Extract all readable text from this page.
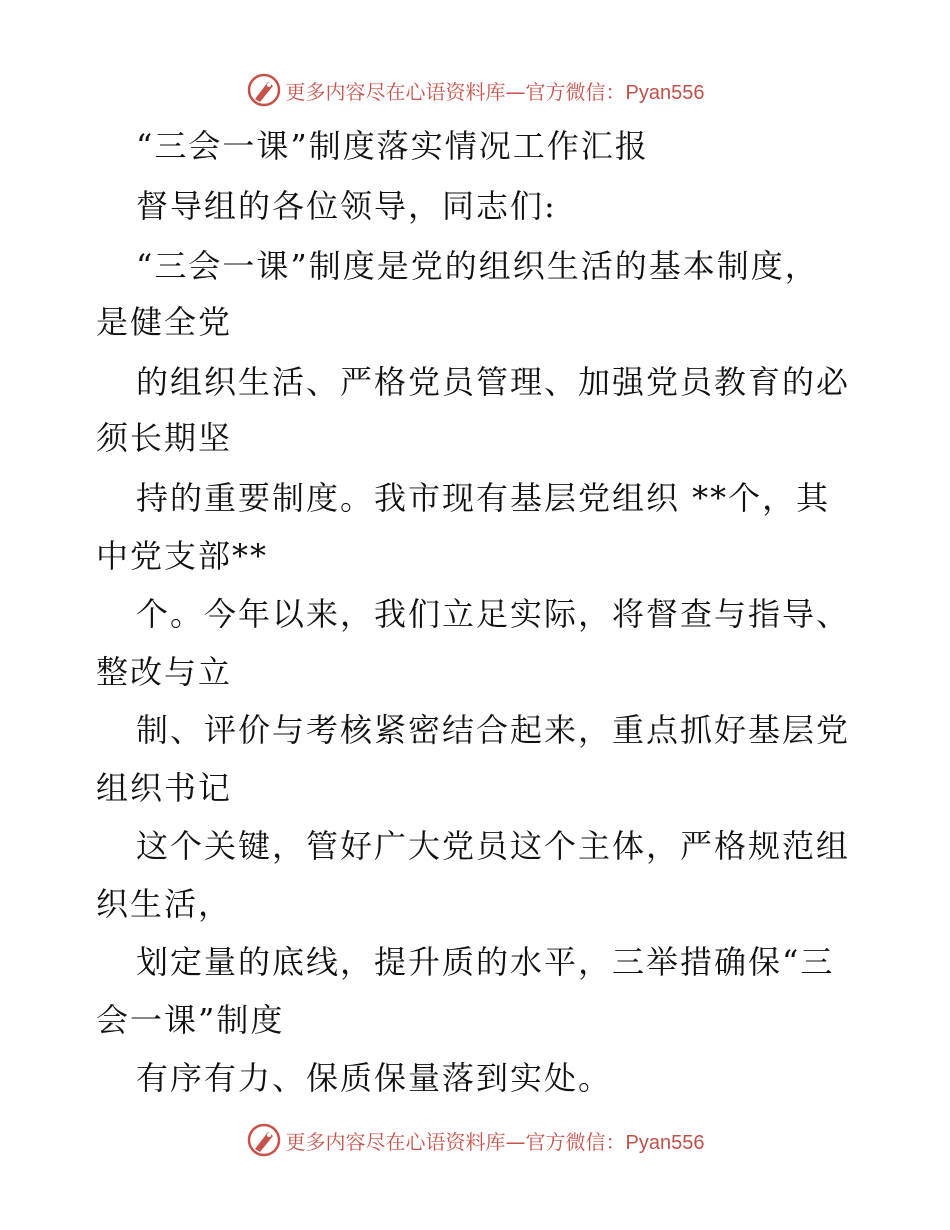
更多内容尽在心语资料库—官方微信：Pyan556
“三会一课”制度落实情况工作汇报
督导组的各位领导，同志们:
“三会一课”制度是党的组织生活的基本制度，
是健全党
的组织生活、严格党员管理、加强党员教育的必
须长期坚
持的重要制度。我市现有基层党组织 **个，其
中党支部**
个。今年以来，我们立足实际，将督查与指导、
整改与立
制、评价与考核紧密结合起来，重点抓好基层党
组织书记
这个关键，管好广大党员这个主体，严格规范组
织生活，
划定量的底线，提升质的水平，三举措确保“三
会一课”制度
有序有力、保质保量落到实处。
更多内容尽在心语资料库—官方微信：Pyan556
